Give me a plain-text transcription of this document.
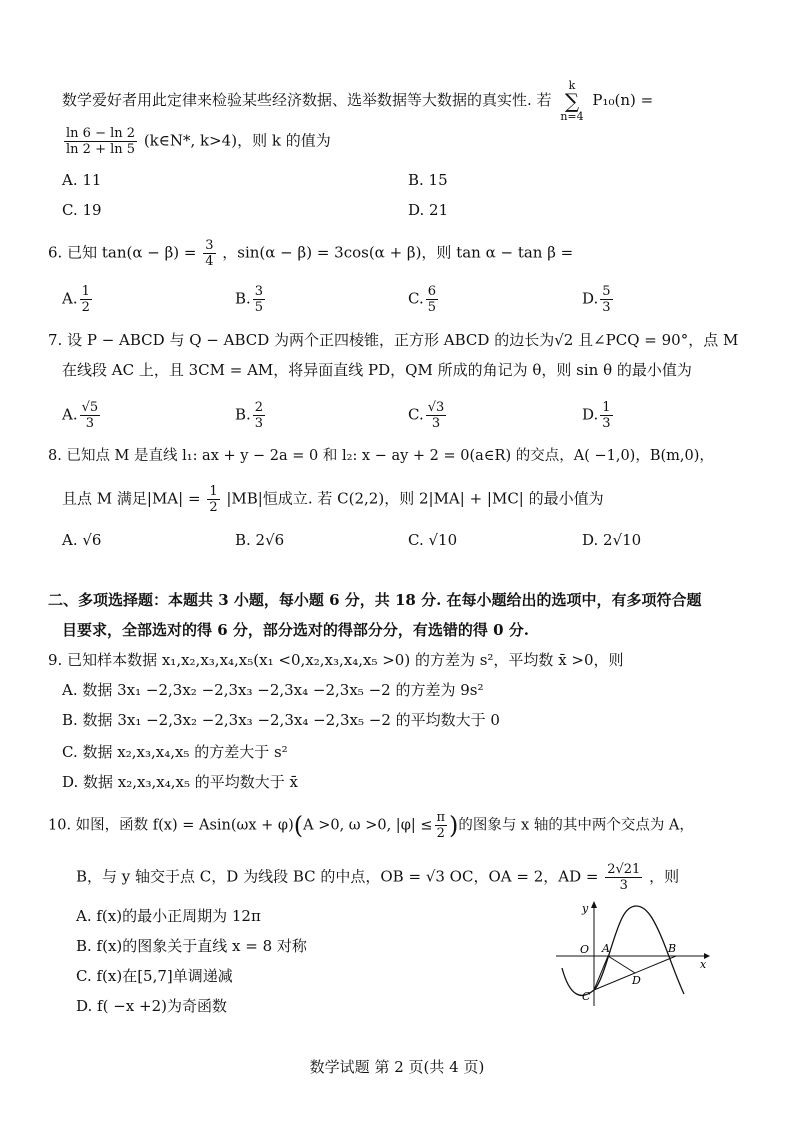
数学爱好者用此定律来检验某些经济数据、选举数据等大数据的真实性. 若
k
∑
n=4
P₁₀(n) =
$\frac{\ln 6 - \ln 2}{\ln 2 + \ln 5}$ (k∈N*, k>4)，则 k 的值为
A. 11	B. 15
C. 19	D. 21
6. 已知 $\tan(\alpha - \beta) = \frac{3}{4}$ ，sin(α − β) = 3cos(α + β)，则 tan α − tan β =
A. $\frac{1}{2}$	B. $\frac{3}{5}$	C. $\frac{6}{5}$	D. $\frac{5}{3}$
7. 设 P − ABCD 与 Q − ABCD 为两个正四棱锥，正方形 ABCD 的边长为√2 且∠PCQ = 90°，点 M
在线段 AC 上，且 3CM = AM，将异面直线 PD，QM 所成的角记为 θ，则 sin θ 的最小值为
A. $\frac{√5}{3}$	B. $\frac{2}{3}$	C. $\frac{√3}{3}$	D. $\frac{1}{3}$
8. 已知点 M 是直线 l₁: ax + y − 2a = 0 和 l₂: x − ay + 2 = 0(a∈R) 的交点，A( −1,0)，B(m,0)，
且点 M 满足$|MA| = \frac{1}{2} |MB|$恒成立. 若 C(2,2)，则 2|MA| + |MC| 的最小值为
A. √6	B. 2√6	C. √10	D. 2√10
二、多项选择题：本题共 3 小题，每小题 6 分，共 18 分. 在每小题给出的选项中，有多项符合题
目要求，全部选对的得 6 分，部分选对的得部分分，有选错的得 0 分.
9. 已知样本数据 x₁,x₂,x₃,x₄,x₅(x₁ <0,x₂,x₃,x₄,x₅ >0) 的方差为 s²，平均数 x̄ >0，则
A. 数据 3x₁ −2,3x₂ −2,3x₃ −2,3x₄ −2,3x₅ −2 的方差为 9s²
B. 数据 3x₁ −2,3x₂ −2,3x₃ −2,3x₄ −2,3x₅ −2 的平均数大于 0
C. 数据 x₂,x₃,x₄,x₅ 的方差大于 s²
D. 数据 x₂,x₃,x₄,x₅ 的平均数大于 x̄
10. 如图，函数 f(x) = Asin(ωx + φ)(A >0, ω >0, $|\varphi| \le \frac{\pi}{2}$ )的图象与 x 轴的其中两个交点为 A，
B，与 y 轴交于点 C，D 为线段 BC 的中点，OB = √3 OC，OA = 2，AD = $\frac{2√21}{3}$ ，则
A. f(x)的最小正周期为 12π
B. f(x)的图象关于直线 x = 8 对称
C. f(x)在[5,7]单调递减
D. f( −x +2)为奇函数
y
x
O A	B
C
D
数学试题 第 2 页(共 4 页)
